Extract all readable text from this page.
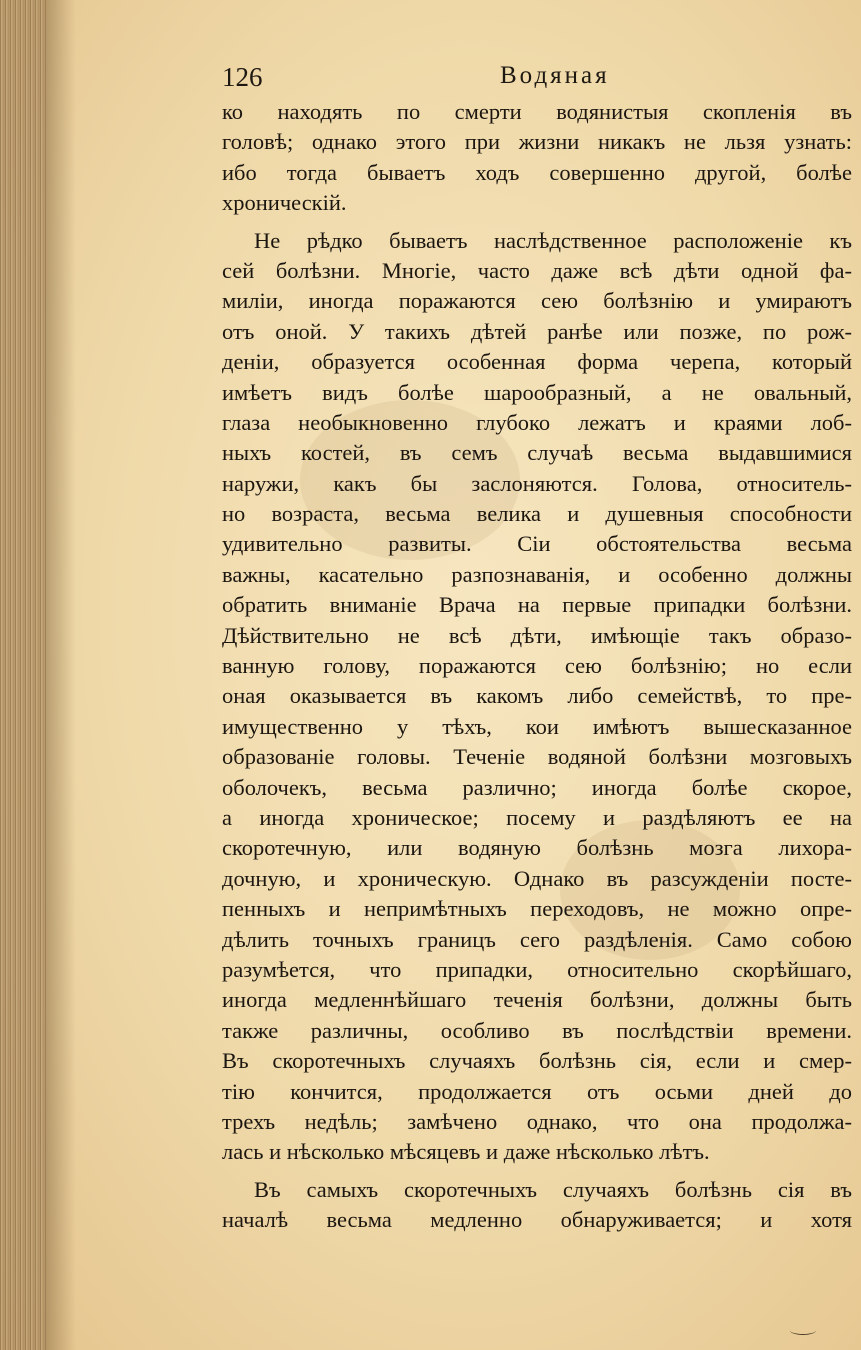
126	Водяная
ко находять по смерти водянистыя скопленія въ
головѣ; однако этого при жизни никакъ не льзя узнать:
ибо тогда бываетъ ходъ совершенно другой, болѣе
хроническій.
Не рѣдко бываетъ наслѣдственное расположеніе къ
сей болѣзни. Многіе, часто даже всѣ дѣти одной фа-
миліи, иногда поражаются сею болѣзнію и умираютъ
отъ оной. У такихъ дѣтей ранѣе или позже, по рож-
деніи, образуется особенная форма черепа, который
имѣетъ видъ болѣе шарообразный, а не овальный,
глаза необыкновенно глубоко лежатъ и краями лоб-
ныхъ костей, въ семъ случаѣ весьма выдавшимися
наружи, какъ бы заслоняются. Голова, относитель-
но возраста, весьма велика и душевныя способности
удивительно развиты. Сіи обстоятельства весьма
важны, касательно разпознаванія, и особенно должны
обратить вниманіе Врача на первые припадки болѣзни.
Дѣйствительно не всѣ дѣти, имѣющіе такъ образо-
ванную голову, поражаются сею болѣзнію; но если
оная оказывается въ какомъ либо семействѣ, то пре-
имущественно у тѣхъ, кои имѣютъ вышесказанное
образованіе головы. Теченіе водяной болѣзни мозговыхъ
оболочекъ, весьма различно; иногда болѣе скорое,
а иногда хроническое; посему и раздѣляютъ ее на
скоротечную, или водяную болѣзнь мозга лихора-
дочную, и хроническую. Однако въ разсужденіи посте-
пенныхъ и непримѣтныхъ переходовъ, не можно опре-
дѣлить точныхъ границъ сего раздѣленія. Само собою
разумѣется, что припадки, относительно скорѣйшаго,
иногда медленнѣйшаго теченія болѣзни, должны быть
также различны, особливо въ послѣдствіи времени.
Въ скоротечныхъ случаяхъ болѣзнь сія, если и смер-
тію кончится, продолжается отъ осьми дней до
трехъ недѣль; замѣчено однако, что она продолжа-
лась и нѣсколько мѣсяцевъ и даже нѣсколько лѣтъ.
Въ самыхъ скоротечныхъ случаяхъ болѣзнь сія въ
началѣ весьма медленно обнаруживается; и хотя
